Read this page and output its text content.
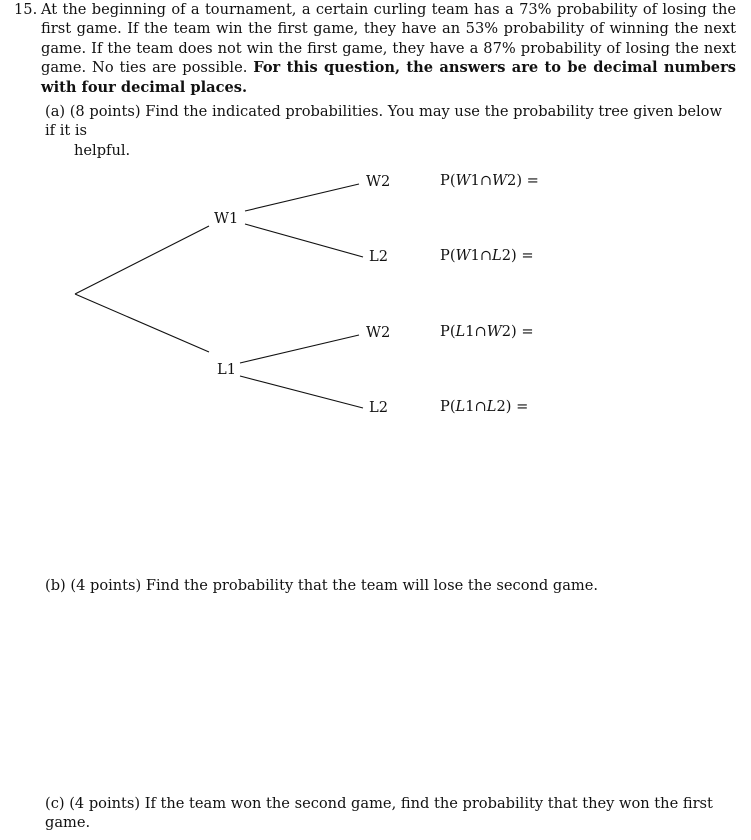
15. At the beginning of a tournament, a certain curling team has a 73% probability of losing the first game. If the team win the first game, they have an 53% probability of winning the next game. If the team does not win the first game, they have a 87% probability of losing the next game. No ties are possible. For this question, the answers are to be decimal numbers with four decimal places.
(a) (8 points) Find the indicated probabilities. You may use the probability tree given below if it is
helpful.
W1
L1
W2
L2
W2
L2
P(W1∩W2) =
P(W1∩L2) =
P(L1∩W2) =
P(L1∩L2) =
(b) (4 points) Find the probability that the team will lose the second game.
(c) (4 points) If the team won the second game, find the probability that they won the first game.
